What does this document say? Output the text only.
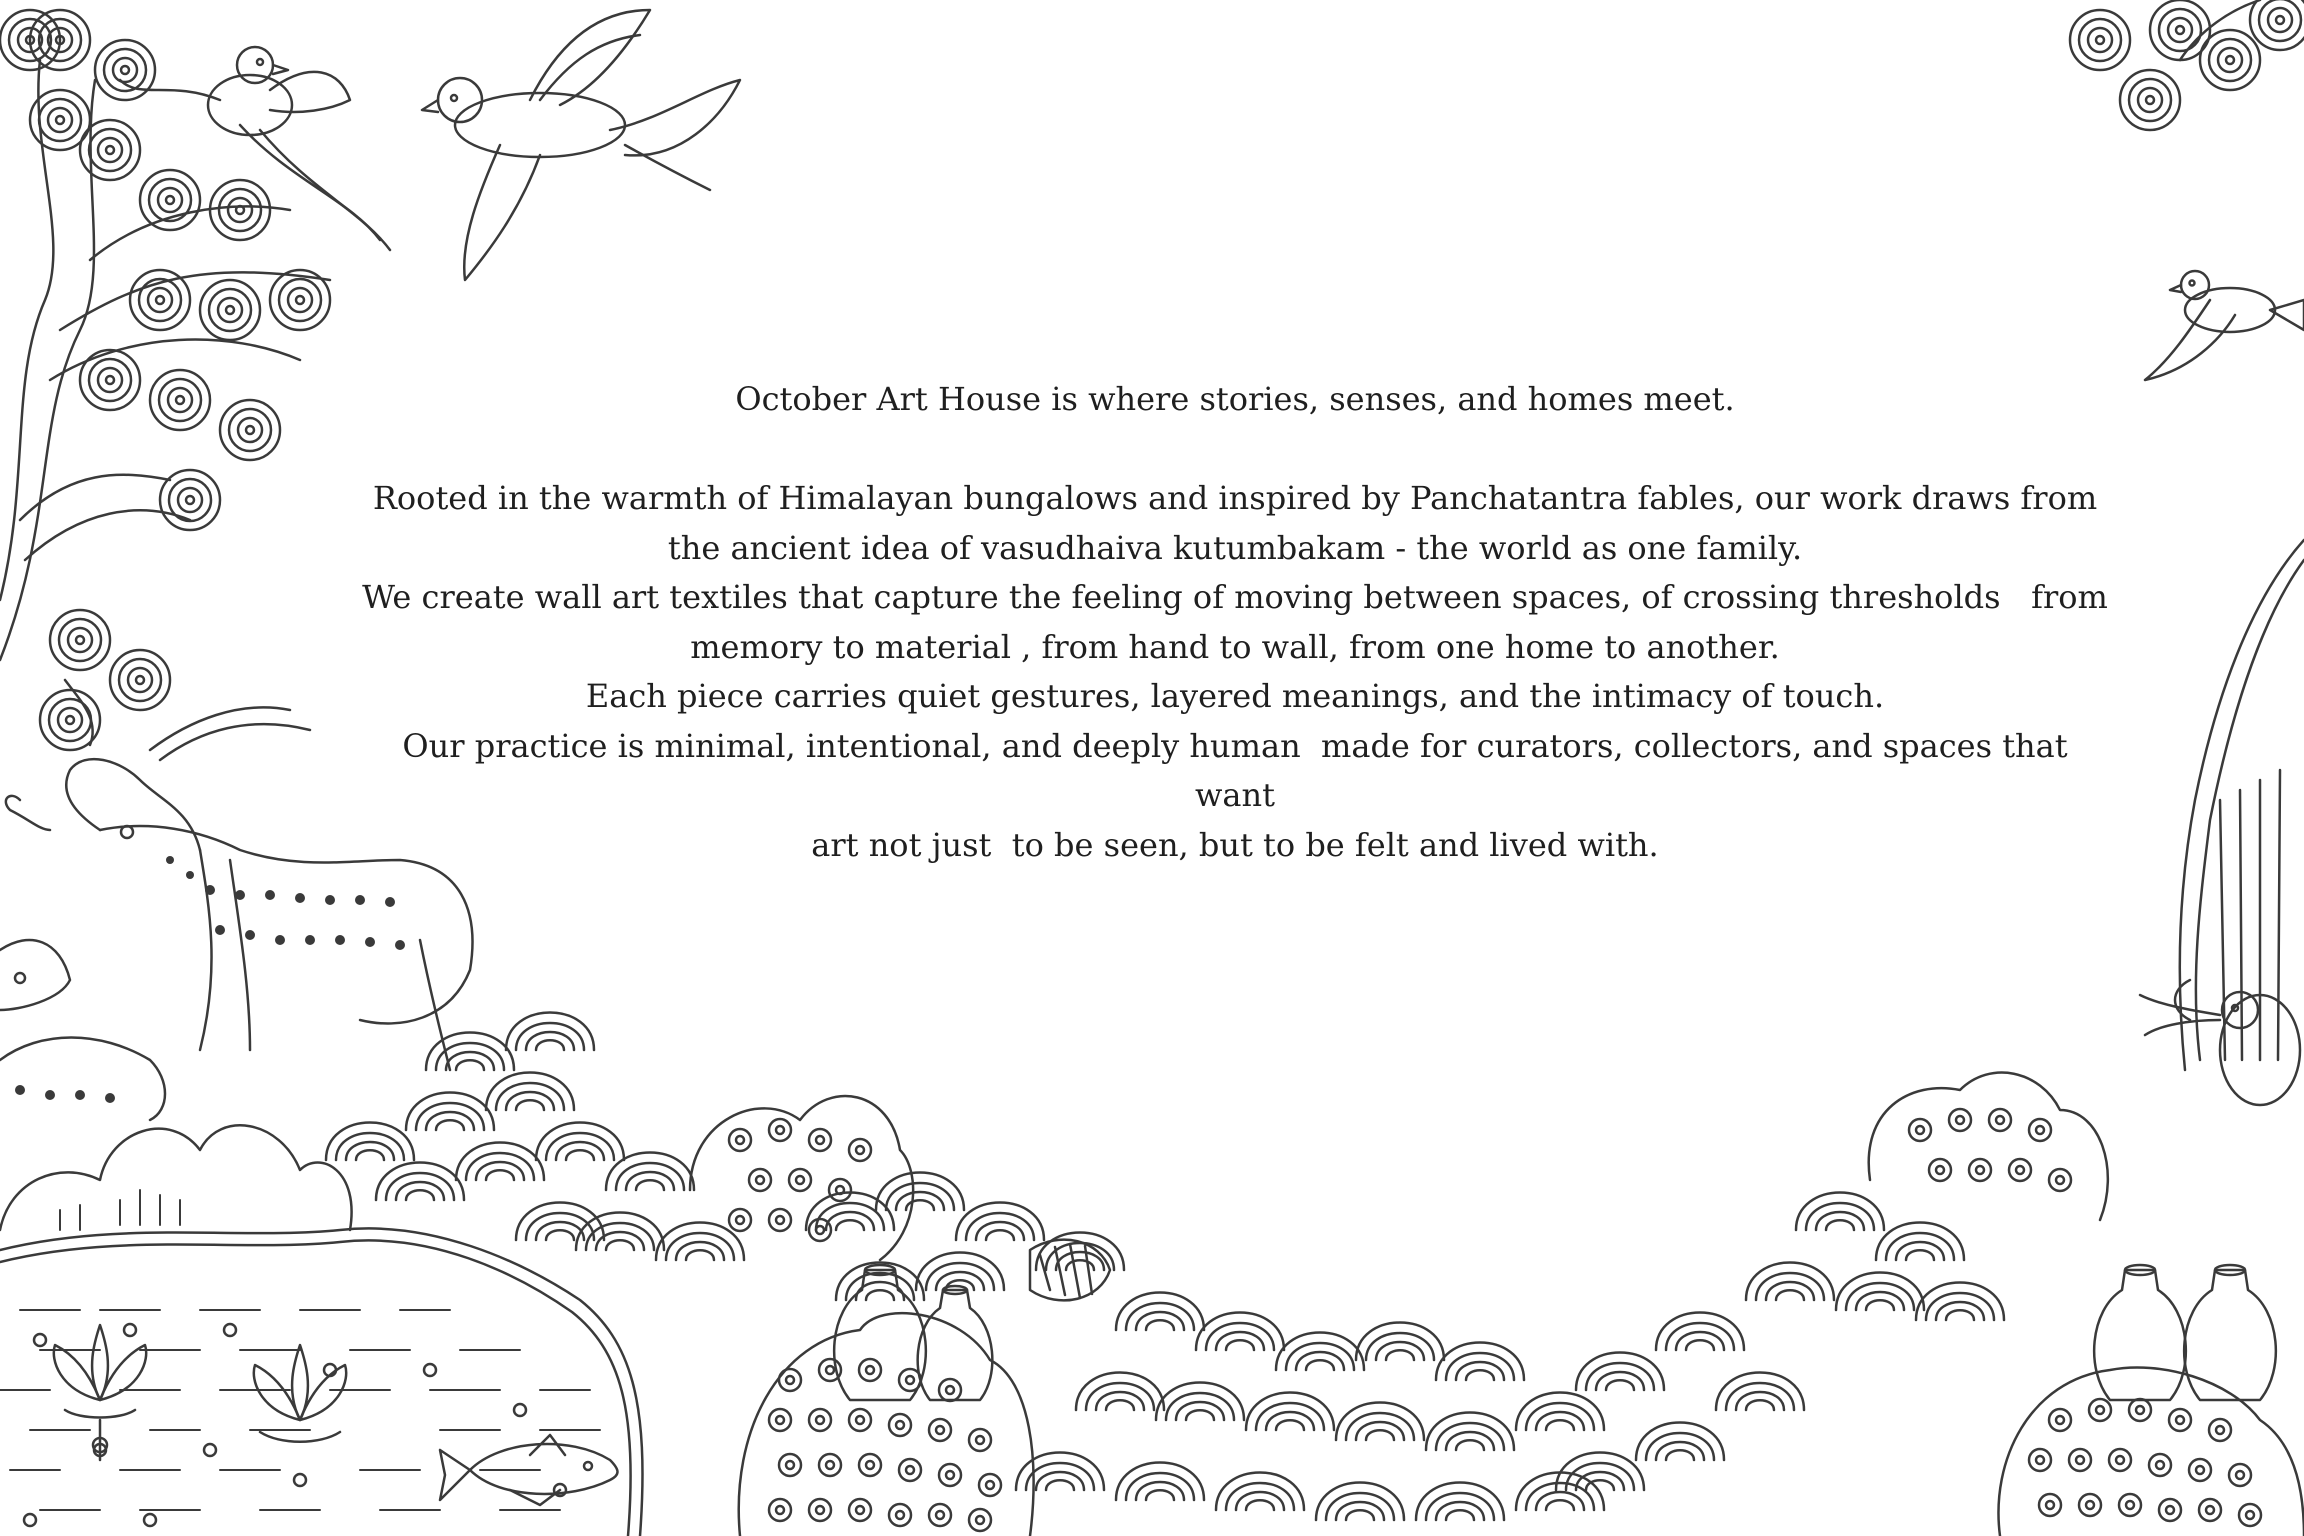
October Art House is where stories, senses, and homes meet.

Rooted in the warmth of Himalayan bungalows and inspired by Panchatantra fables, our work draws from

the ancient idea of vasudhaiva kutumbakam - the world as one family.

We create wall art textiles that capture the feeling of moving between spaces, of crossing thresholds   from

memory to material , from hand to wall, from one home to another.

Each piece carries quiet gestures, layered meanings, and the intimacy of touch.

Our practice is minimal, intentional, and deeply human  made for curators, collectors, and spaces that want

art not just  to be seen, but to be felt and lived with.
